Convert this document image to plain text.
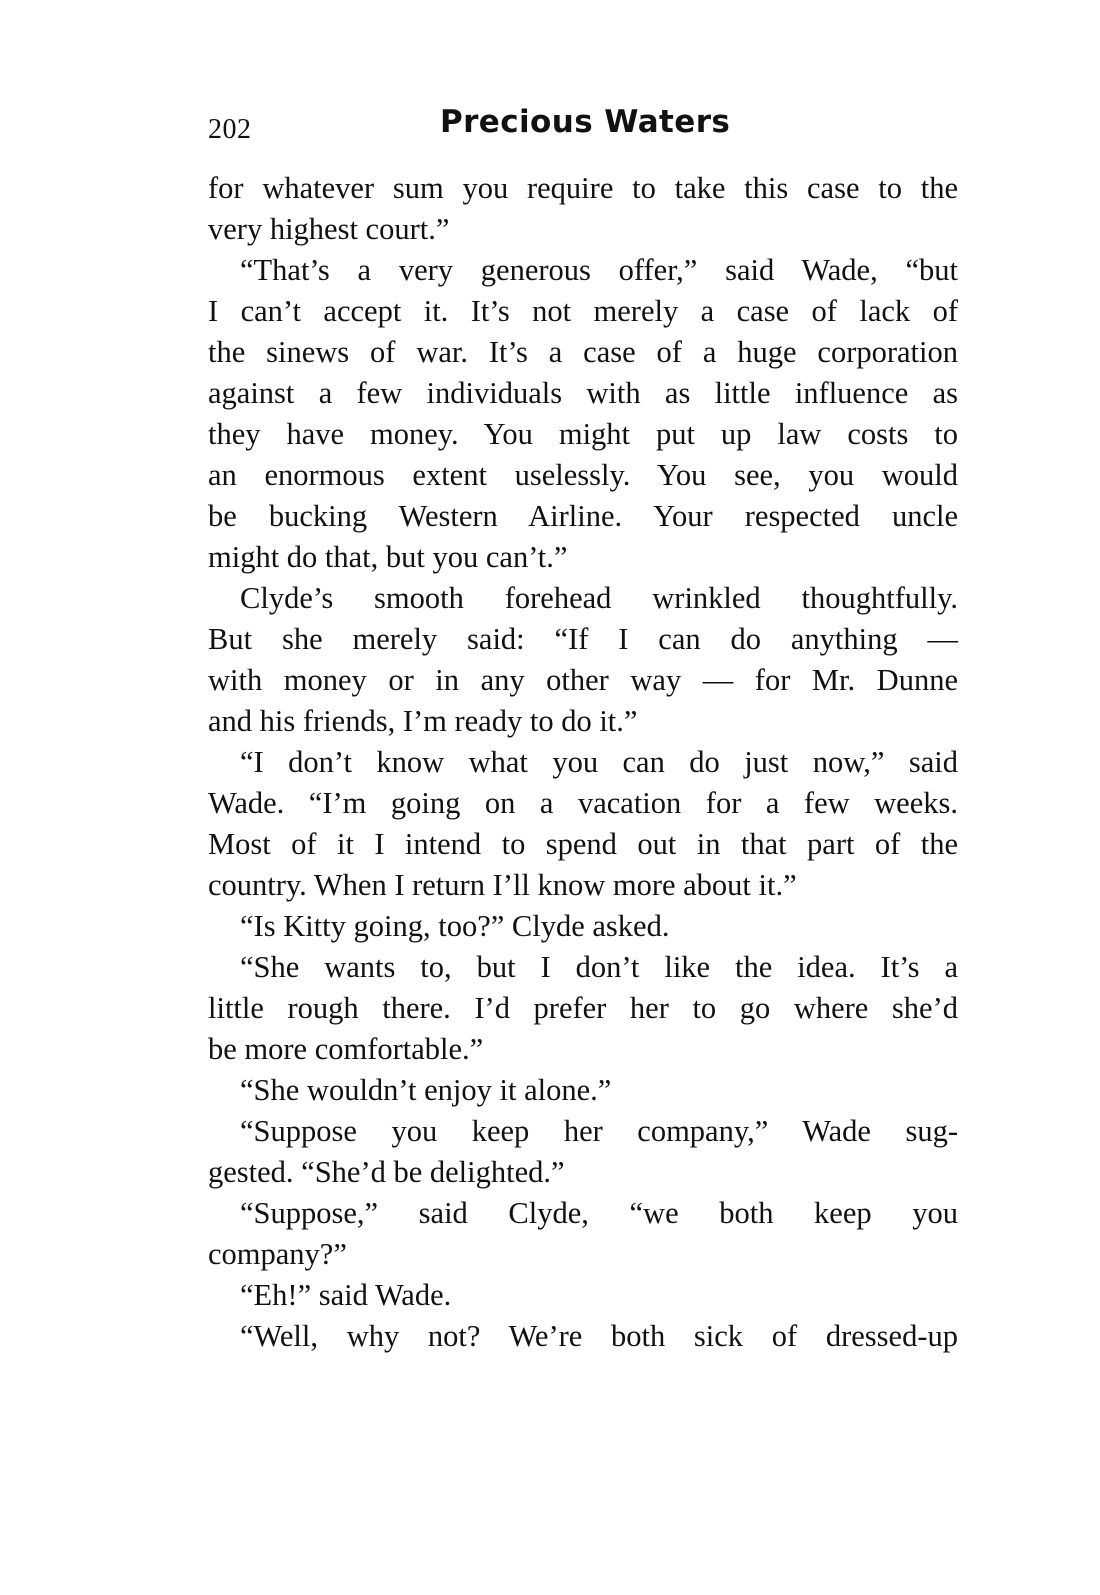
202	Precious Waters
for whatever sum you require to take this case to the
very highest court.”
“That’s a very generous offer,” said Wade, “but
I can’t accept it. It’s not merely a case of lack of
the sinews of war. It’s a case of a huge corporation
against a few individuals with as little influence as
they have money. You might put up law costs to
an enormous extent uselessly. You see, you would
be bucking Western Airline. Your respected uncle
might do that, but you can’t.”
Clyde’s smooth forehead wrinkled thoughtfully.
But she merely said: “If I can do anything —
with money or in any other way — for Mr. Dunne
and his friends, I’m ready to do it.”
“I don’t know what you can do just now,” said
Wade. “I’m going on a vacation for a few weeks.
Most of it I intend to spend out in that part of the
country. When I return I’ll know more about it.”
“Is Kitty going, too?” Clyde asked.
“She wants to, but I don’t like the idea. It’s a
little rough there. I’d prefer her to go where she’d
be more comfortable.”
“She wouldn’t enjoy it alone.”
“Suppose you keep her company,” Wade sug-
gested. “She’d be delighted.”
“Suppose,” said Clyde, “we both keep you
company?”
“Eh!” said Wade.
“Well, why not? We’re both sick of dressed-up
